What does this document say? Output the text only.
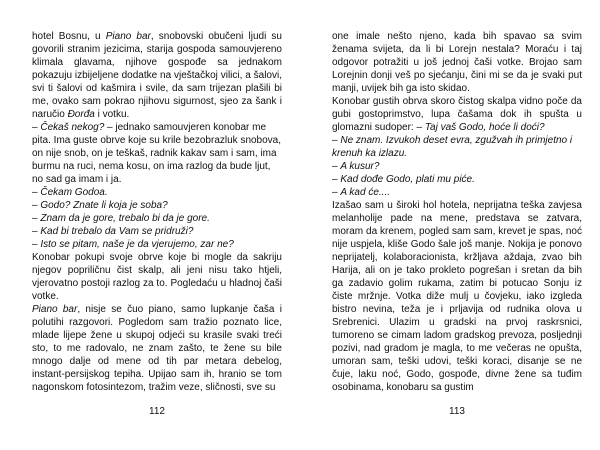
hotel Bosnu, u Piano bar, snobovski obučeni ljudi su govorili stranim jezicima, starija gospoda samouvjereno klimala glavama, njihove gospođe sa jednakom pokazuju izbijeljene dodatke na vještačkoj vilici, a šalovi, svi ti šalovi od kašmira i svile, da sam trijezan plašili bi me, ovako sam pokrao njihovu sigurnost, sjeo za šank i naručio Đorđa i votku.

– Čekaš nekog? – jednako samouvjeren konobar me pita. Ima guste obrve koje su krile bezobrazluk snobova, on nije snob, on je teškaš, radnik kakav sam i sam, ima burmu na ruci, nema kosu, on ima razlog da bude ljut, no sad ga imam i ja.

– Čekam Godoa.

– Godo? Znate li koja je soba?

– Znam da je gore, trebalo bi da je gore.

– Kad bi trebalo da Vam se pridruži?

– Isto se pitam, naše je da vjerujemo, zar ne?

Konobar pokupi svoje obrve koje bi mogle da sakriju njegov popriličnu čist skalp, ali jeni nisu tako htjeli, vjerovatno postoji razlog za to. Pogledaću u hladnoj čaši votke.

Piano bar, nisje se čuo piano, samo lupkanje čaša i polutihi razgovori. Pogledom sam tražio poznato lice, mlade lijepe žene u skupoj odjeći su krasile svaki treći sto, to me radovalo, ne znam zašto, te žene su bile mnogo dalje od mene od tih par metara debelog, instant-persijskog tepiha. Upijao sam ih, hranio se tom nagonskom fotosintezom, tražim veze, sličnosti, sve su

112

one imale nešto njeno, kada bih spavao sa svim ženama svijeta, da li bi Lorejn nestala? Moraću i taj odgovor potražiti u još jednoj čaši votke. Brojao sam Lorejnin donji veš po sjećanju, čini mi se da je svaki put manji, uvijek bih ga isto skidao.

Konobar gustih obrva skoro čistog skalpa vidno poče da gubi gostoprimstvo, lupa čašama dok ih spušta u glomazni sudoper: – Taj vaš Godo, hoće li doći?

– Ne znam. Izvukoh deset evra, zgužvah ih primjetno i krenuh ka izlazu.

– A kusur?

– Kad dođe Godo, plati mu piće.

– A kad će....

Izašao sam u široki hol hotela, neprijatna teška zavjesa melanholije pade na mene, predstava se zatvara, moram da krenem, pogled sam sam, krevet je spas, noć nije uspjela, kliše Godo šale još manje. Nokija je ponovo neprijatelj, kolaboracionista, kržljava aždaja, zvao bih Harija, ali on je tako prokleto pogrešan i sretan da bih ga zadavio golim rukama, zatim bi potucao Sonju iz čiste mržnje. Votka diže mulj u čovjeku, iako izgleda bistro nevina, teža je i prljavija od rudnika olova u Srebrenici. Ulazim u gradski na prvoj raskrsnici, tumoreno se cimam ladom gradskog prevoza, posljednji pozivi, nad gradom je magla, to me večeras ne opušta, umoran sam, teški udovi, teški koraci, disanje se ne čuje, laku noć, Godo, gospođe, divne žene sa tuđim osobinama, konobaru sa gustim

113
